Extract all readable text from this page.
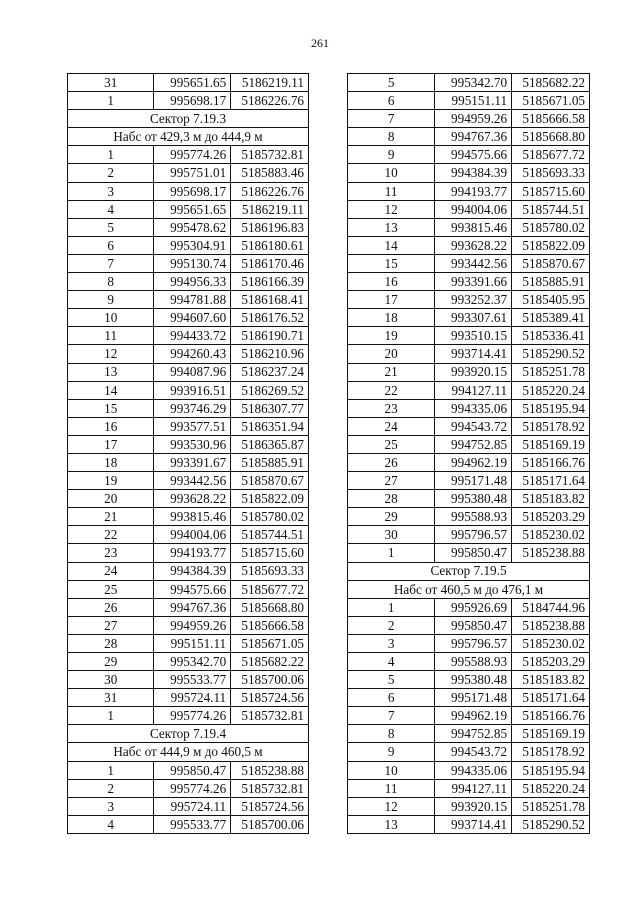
261
31	995651.65	5186219.11
1	995698.17	5186226.76
Сектор 7.19.3		
Набс от 429,3 м до 444,9 м		
1	995774.26	5185732.81
2	995751.01	5185883.46
3	995698.17	5186226.76
4	995651.65	5186219.11
5	995478.62	5186196.83
6	995304.91	5186180.61
7	995130.74	5186170.46
8	994956.33	5186166.39
9	994781.88	5186168.41
10	994607.60	5186176.52
11	994433.72	5186190.71
12	994260.43	5186210.96
13	994087.96	5186237.24
14	993916.51	5186269.52
15	993746.29	5186307.77
16	993577.51	5186351.94
17	993530.96	5186365.87
18	993391.67	5185885.91
19	993442.56	5185870.67
20	993628.22	5185822.09
21	993815.46	5185780.02
22	994004.06	5185744.51
23	994193.77	5185715.60
24	994384.39	5185693.33
25	994575.66	5185677.72
26	994767.36	5185668.80
27	994959.26	5185666.58
28	995151.11	5185671.05
29	995342.70	5185682.22
30	995533.77	5185700.06
31	995724.11	5185724.56
1	995774.26	5185732.81
Сектор 7.19.4		
Набс от 444,9 м до 460,5 м		
1	995850.47	5185238.88
2	995774.26	5185732.81
3	995724.11	5185724.56
4	995533.77	5185700.06
5	995342.70	5185682.22
6	995151.11	5185671.05
7	994959.26	5185666.58
8	994767.36	5185668.80
9	994575.66	5185677.72
10	994384.39	5185693.33
11	994193.77	5185715.60
12	994004.06	5185744.51
13	993815.46	5185780.02
14	993628.22	5185822.09
15	993442.56	5185870.67
16	993391.66	5185885.91
17	993252.37	5185405.95
18	993307.61	5185389.41
19	993510.15	5185336.41
20	993714.41	5185290.52
21	993920.15	5185251.78
22	994127.11	5185220.24
23	994335.06	5185195.94
24	994543.72	5185178.92
25	994752.85	5185169.19
26	994962.19	5185166.76
27	995171.48	5185171.64
28	995380.48	5185183.82
29	995588.93	5185203.29
30	995796.57	5185230.02
1	995850.47	5185238.88
Сектор 7.19.5		
Набс от 460,5 м до 476,1 м		
1	995926.69	5184744.96
2	995850.47	5185238.88
3	995796.57	5185230.02
4	995588.93	5185203.29
5	995380.48	5185183.82
6	995171.48	5185171.64
7	994962.19	5185166.76
8	994752.85	5185169.19
9	994543.72	5185178.92
10	994335.06	5185195.94
11	994127.11	5185220.24
12	993920.15	5185251.78
13	993714.41	5185290.52
